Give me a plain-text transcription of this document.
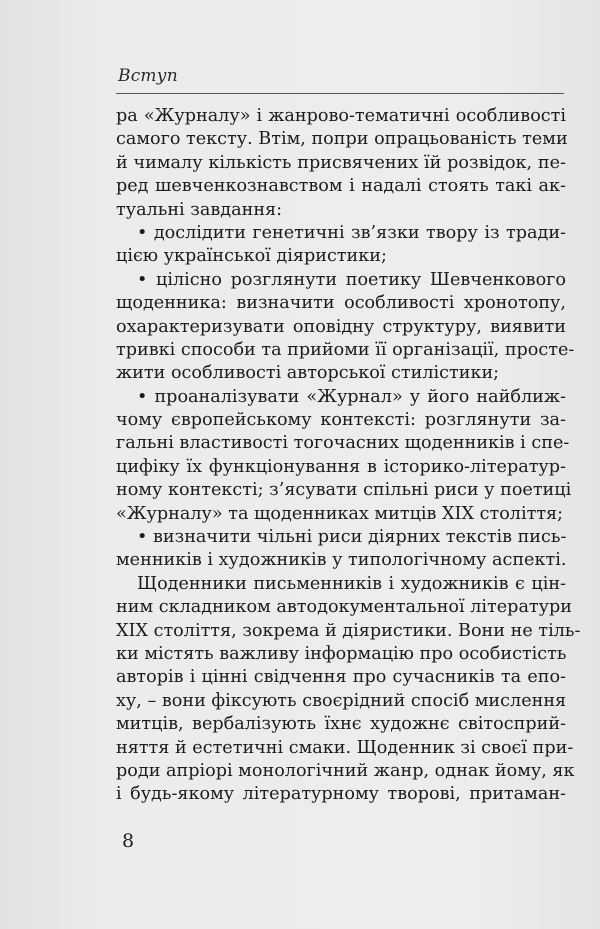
Вступ
ра «Журналу» і жанрово-тематичні особливості
самого тексту. Втім, попри опрацьованість теми
й чималу кількість присвячених їй розвідок, пе-
ред шевченкознавством і надалі стоять такі ак-
туальні завдання:
• дослідити генетичні зв’язки твору із тради-
цією української діяристики;
• цілісно розглянути поетику Шевченкового
щоденника: визначити особливості хронотопу,
охарактеризувати оповідну структуру, виявити
тривкі способи та прийоми її організації, просте-
жити особливості авторської стилістики;
• проаналізувати «Журнал» у його найближ-
чому європейському контексті: розглянути за-
гальні властивості тогочасних щоденників і спе-
цифіку їх функціонування в історико-літератур-
ному контексті; з’ясувати спільні риси у поетиці
«Журналу» та щоденниках митців XIX століття;
• визначити чільні риси діярних текстів пись-
менників і художників у типологічному аспекті.
Щоденники письменників і художників є цін-
ним складником автодокументальної літератури
XIX століття, зокрема й діяристики. Вони не тіль-
ки містять важливу інформацію про особистість
авторів і цінні свідчення про сучасників та епо-
ху, – вони фіксують своєрідний спосіб мислення
митців, вербалізують їхнє художнє світосприй-
няття й естетичні смаки. Щоденник зі своєї при-
роди апріорі монологічний жанр, однак йому, як
і будь-якому літературному творові, притаман-
8
